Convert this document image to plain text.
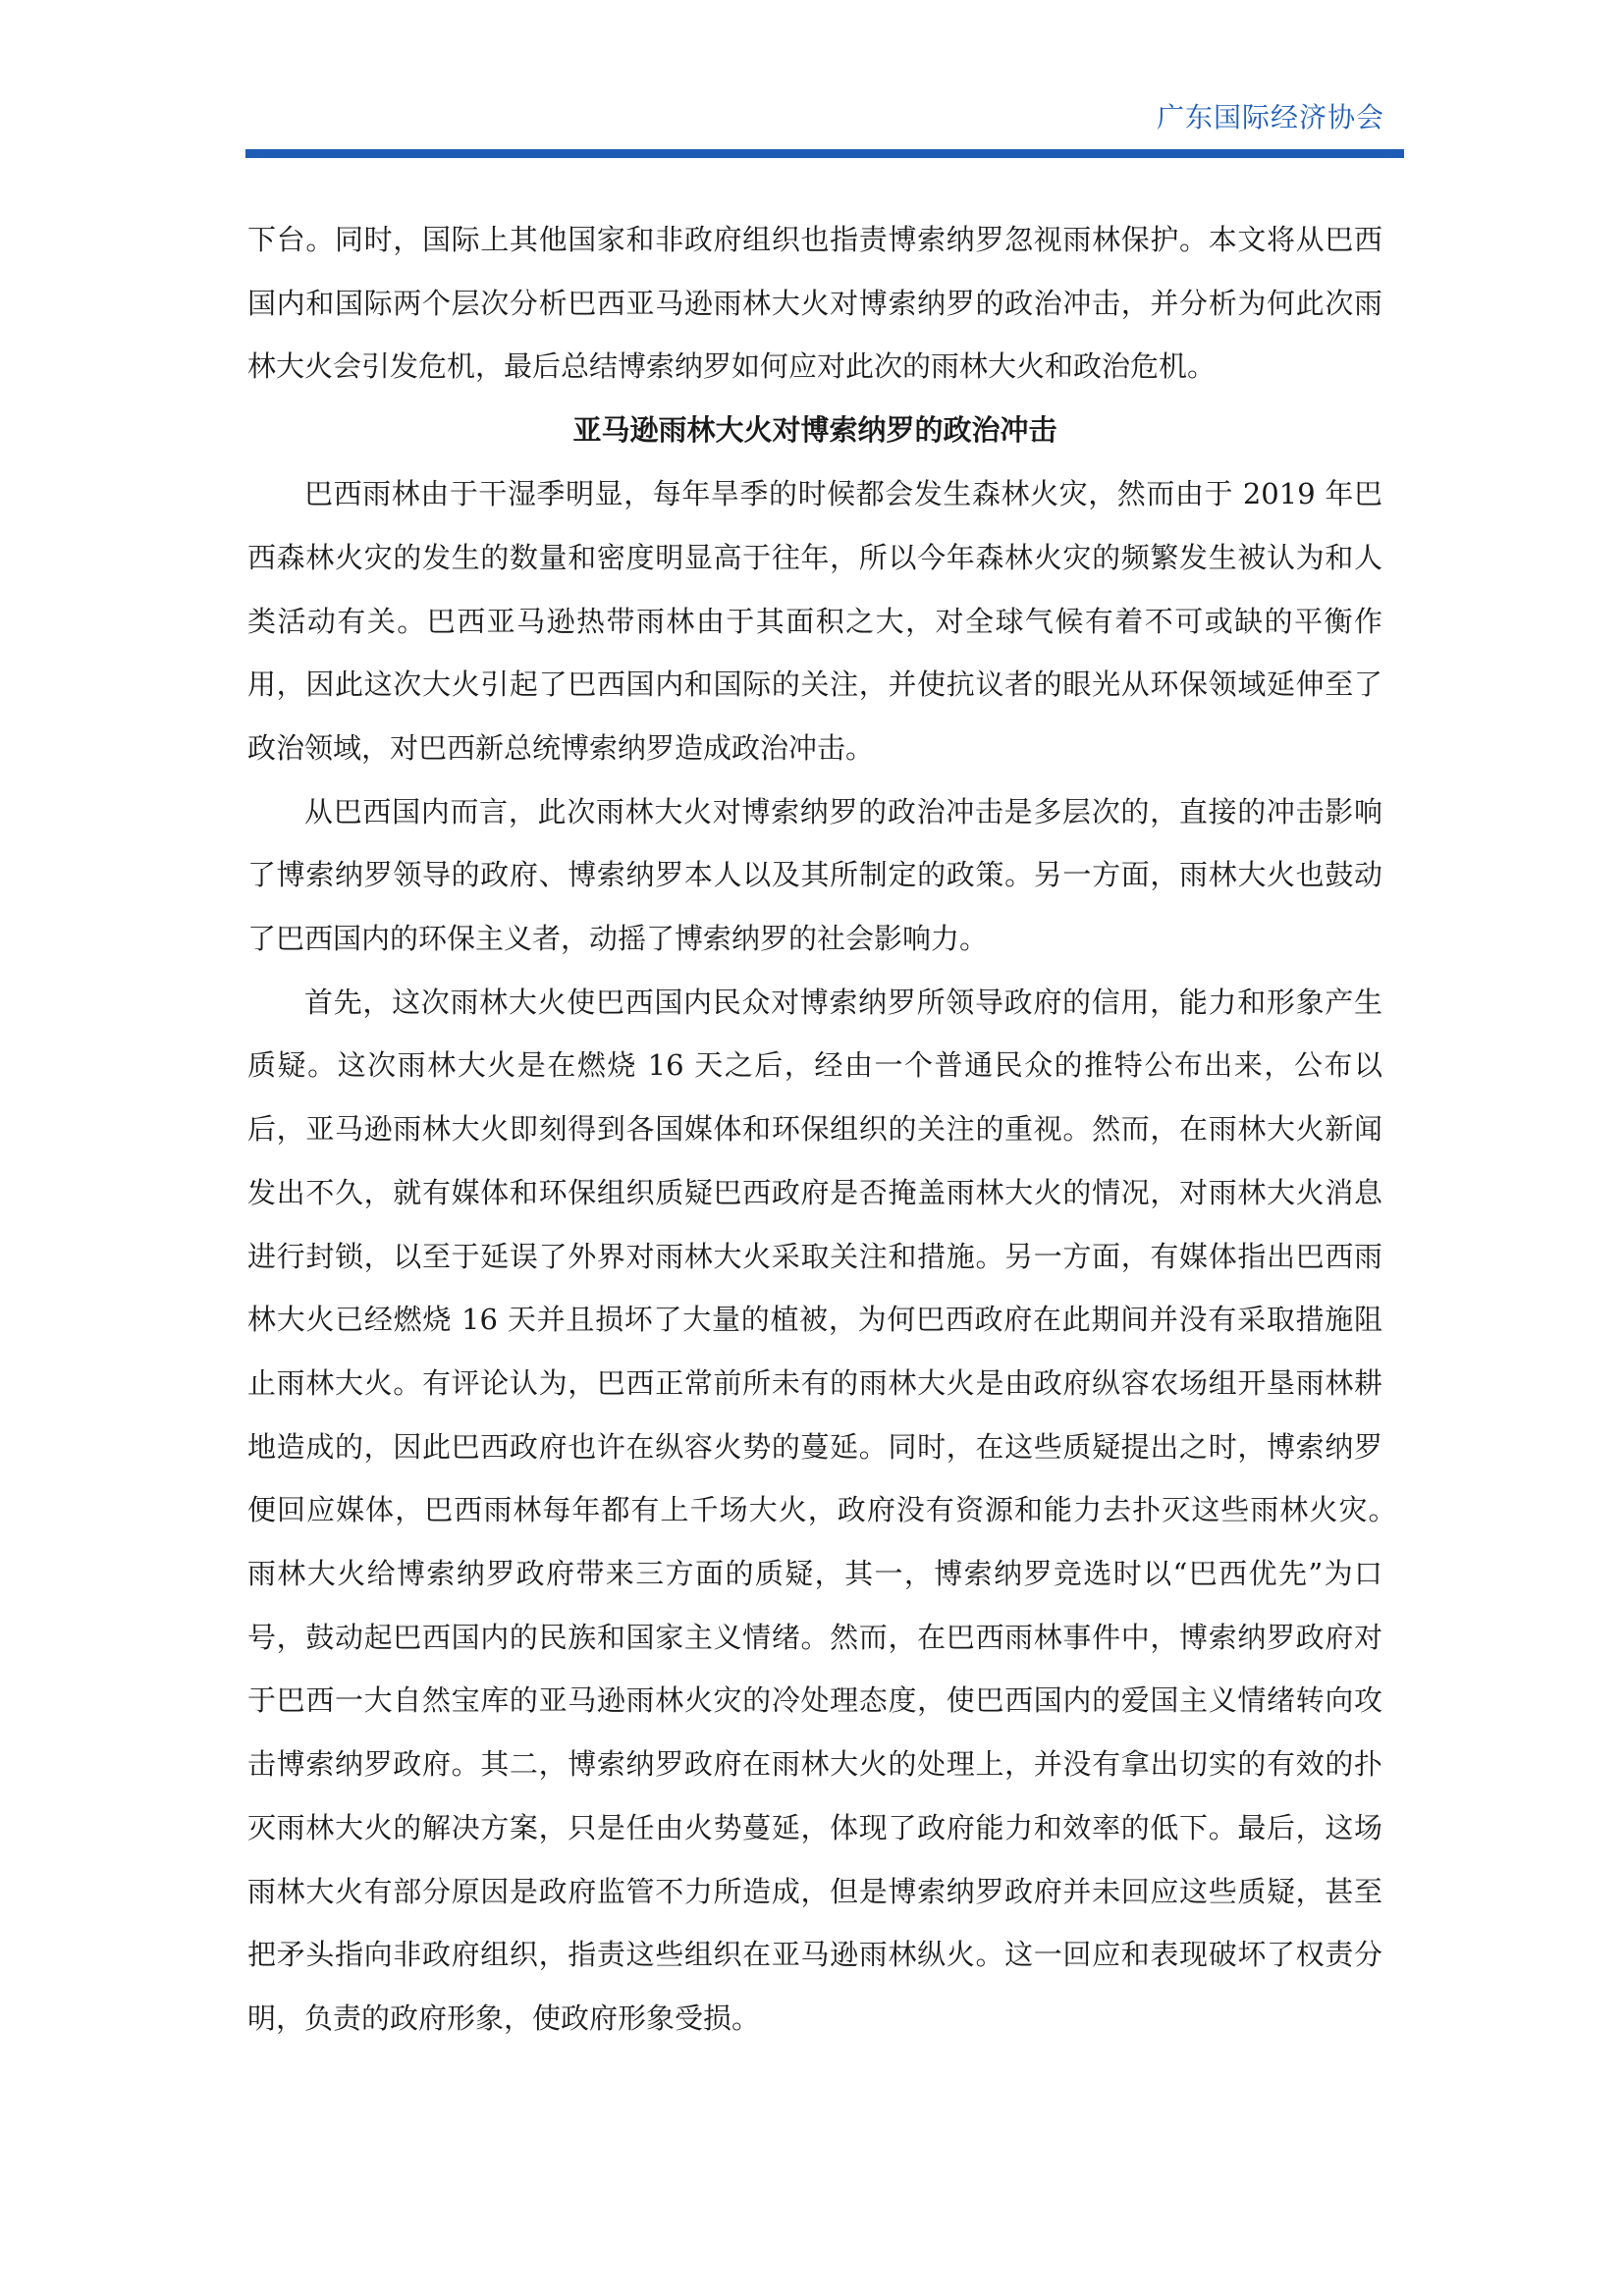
广东国际经济协会

下台。同时，国际上其他国家和非政府组织也指责博索纳罗忽视雨林保护。本文将从巴西国内和国际两个层次分析巴西亚马逊雨林大火对博索纳罗的政治冲击，并分析为何此次雨林大火会引发危机，最后总结博索纳罗如何应对此次的雨林大火和政治危机。

亚马逊雨林大火对博索纳罗的政治冲击

巴西雨林由于干湿季明显，每年旱季的时候都会发生森林火灾，然而由于 2019 年巴西森林火灾的发生的数量和密度明显高于往年，所以今年森林火灾的频繁发生被认为和人类活动有关。巴西亚马逊热带雨林由于其面积之大，对全球气候有着不可或缺的平衡作用，因此这次大火引起了巴西国内和国际的关注，并使抗议者的眼光从环保领域延伸至了政治领域，对巴西新总统博索纳罗造成政治冲击。

从巴西国内而言，此次雨林大火对博索纳罗的政治冲击是多层次的，直接的冲击影响了博索纳罗领导的政府、博索纳罗本人以及其所制定的政策。另一方面，雨林大火也鼓动了巴西国内的环保主义者，动摇了博索纳罗的社会影响力。

首先，这次雨林大火使巴西国内民众对博索纳罗所领导政府的信用，能力和形象产生质疑。这次雨林大火是在燃烧 16 天之后，经由一个普通民众的推特公布出来，公布以后，亚马逊雨林大火即刻得到各国媒体和环保组织的关注的重视。然而，在雨林大火新闻发出不久，就有媒体和环保组织质疑巴西政府是否掩盖雨林大火的情况，对雨林大火消息进行封锁，以至于延误了外界对雨林大火采取关注和措施。另一方面，有媒体指出巴西雨林大火已经燃烧 16 天并且损坏了大量的植被，为何巴西政府在此期间并没有采取措施阻止雨林大火。有评论认为，巴西正常前所未有的雨林大火是由政府纵容农场组开垦雨林耕地造成的，因此巴西政府也许在纵容火势的蔓延。同时，在这些质疑提出之时，博索纳罗便回应媒体，巴西雨林每年都有上千场大火，政府没有资源和能力去扑灭这些雨林火灾。　雨林大火给博索纳罗政府带来三方面的质疑，其一，博索纳罗竞选时以“巴西优先”为口号，鼓动起巴西国内的民族和国家主义情绪。然而，在巴西雨林事件中，博索纳罗政府对于巴西一大自然宝库的亚马逊雨林火灾的冷处理态度，使巴西国内的爱国主义情绪转向攻击博索纳罗政府。其二，博索纳罗政府在雨林大火的处理上，并没有拿出切实的有效的扑灭雨林大火的解决方案，只是任由火势蔓延，体现了政府能力和效率的低下。最后，这场雨林大火有部分原因是政府监管不力所造成，但是博索纳罗政府并未回应这些质疑，甚至把矛头指向非政府组织，指责这些组织在亚马逊雨林纵火。这一回应和表现破坏了权责分明，负责的政府形象，使政府形象受损。
